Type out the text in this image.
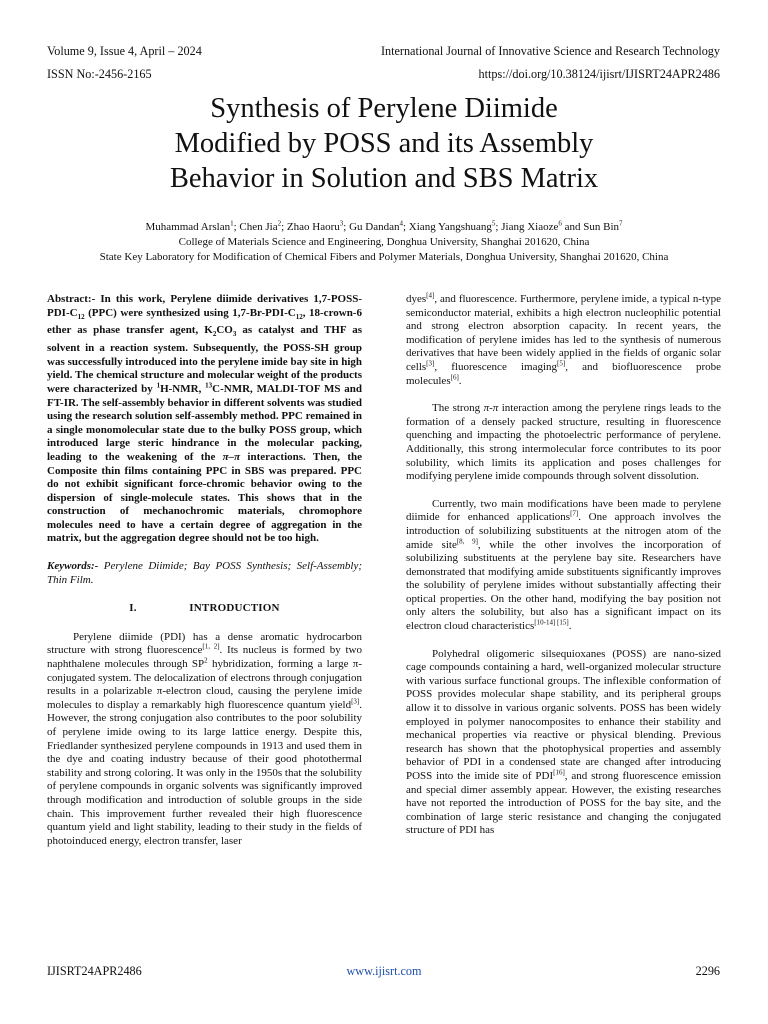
Volume 9, Issue 4, April – 2024	International Journal of Innovative Science and Research Technology
ISSN No:-2456-2165	https://doi.org/10.38124/ijisrt/IJISRT24APR2486
Synthesis of Perylene Diimide
Modified by POSS and its Assembly
Behavior in Solution and SBS Matrix
Muhammad Arslan$^1$; Chen Jia$^2$; Zhao Haoru$^3$; Gu Dandan$^4$; Xiang Yangshuang$^5$; Jiang Xiaoze$^6$ and Sun Bin$^7$
College of Materials Science and Engineering, Donghua University, Shanghai 201620, China
State Key Laboratory for Modification of Chemical Fibers and Polymer Materials, Donghua University, Shanghai 201620, China

Abstract:- In this work, Perylene diimide derivatives $1,7-POSS-PDI-C_{12}$ (PPC) were synthesized using $1,7-Br-PDI-C_{12}$, 18-crown-6 ether as phase transfer agent, $K_2CO_3$ as catalyst and THF as solvent in a reaction system. Subsequently, the POSS-SH group was successfully introduced into the perylene imide bay site in high yield. The chemical structure and molecular weight of the products were characterized by $^1$H-NMR, $^{13}$C-NMR, MALDI-TOF MS and FT-IR. The self-assembly behavior in different solvents was studied using the research solution self-assembly method. PPC remained in a single monomolecular state due to the bulky POSS group, which introduced large steric hindrance in the molecular packing, leading to the weakening of the π–π interactions. Then, the Composite thin films containing PPC in SBS was prepared. PPC do not exhibit significant force-chromic behavior owing to the dispersion of single-molecule states. This shows that in the construction of mechanochromic materials, chromophore molecules need to have a certain degree of aggregation in the matrix, but the aggregation degree should not be too high.

Keywords:- Perylene Diimide; Bay POSS Synthesis; Self-Assembly; Thin Film.

I.	INTRODUCTION

Perylene diimide (PDI) has a dense aromatic hydrocarbon structure with strong fluorescence[1, 2]. Its nucleus is formed by two naphthalene molecules through $SP^2$ hybridization, forming a large π-conjugated system. The delocalization of electrons through conjugation results in a polarizable π-electron cloud, causing the perylene imide molecules to display a remarkably high fluorescence quantum yield[3]. However, the strong conjugation also contributes to the poor solubility of perylene imide owing to its large lattice energy. Despite this, Friedlander synthesized perylene compounds in 1913 and used them in the dye and coating industry because of their good photothermal stability and strong coloring. It was only in the 1950s that the solubility of perylene compounds in organic solvents was significantly improved through modification and introduction of soluble groups in the side chain. This improvement further revealed their high fluorescence quantum yield and light stability, leading to their study in the fields of photoinduced energy, electron transfer, laser

dyes[4], and fluorescence. Furthermore, perylene imide, a typical n-type semiconductor material, exhibits a high electron nucleophilic potential and strong electron absorption capacity. In recent years, the modification of perylene imides has led to the synthesis of numerous derivatives that have been widely applied in the fields of organic solar cells[3], fluorescence imaging[5], and biofluorescence probe molecules[6].

The strong π-π interaction among the perylene rings leads to the formation of a densely packed structure, resulting in fluorescence quenching and impacting the photoelectric performance of perylene. Additionally, this strong intermolecular force contributes to its poor solubility, which limits its application and poses challenges for modifying perylene imide compounds through solvent dissolution.

Currently, two main modifications have been made to perylene diimide for enhanced applications[7]. One approach involves the introduction of solubilizing substituents at the nitrogen atom of the amide site[8, 9], while the other involves the incorporation of solubilizing substituents at the perylene bay site. Researchers have demonstrated that modifying amide substituents significantly improves the solubility of perylene imides without substantially affecting their optical properties. On the other hand, modifying the bay position not only alters the solubility, but also has a significant impact on its electron cloud characteristics[10-14] [15].

Polyhedral oligomeric silsequioxanes (POSS) are nano-sized cage compounds containing a hard, well-organized molecular structure with various surface functional groups. The inflexible conformation of POSS provides molecular shape stability, and its peripheral groups allow it to dissolve in various organic solvents. POSS has been widely employed in polymer nanocomposites to enhance their stability and mechanical properties via reactive or physical blending. Previous research has shown that the photophysical properties and assembly behavior of PDI in a condensed state are changed after introducing POSS into the imide site of PDI[16], and strong fluorescence emission and special dimer assembly appear. However, the existing researches have not reported the introduction of POSS for the bay site, and the combination of large steric resistance and changing the conjugated structure of PDI has

IJISRT24APR2486	www.ijisrt.com	2296
